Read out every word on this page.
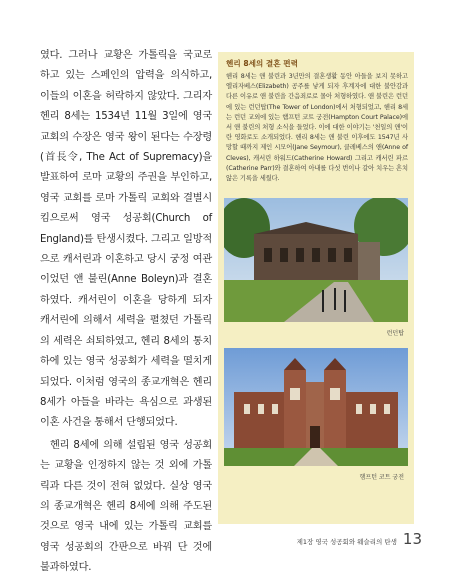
였다. 그러나 교황은 가톨릭을 국교로 하고 있는 스페인의 압력을 의식하고, 이들의 이혼을 허락하지 않았다. 그리자 헨리 8세는 1534년 11월 3일에 영국 교회의 수장은 영국 왕이 된다는 수장령(首長令, The Act of Supremacy)을 발표하여 로마 교황의 주권을 부인하고, 영국 교회를 로마 가톨릭 교회와 결별시킴으로써 영국 성공회(Church of England)를 탄생시켰다. 그리고 일방적으로 캐서린과 이혼하고 당시 궁정 여관이었던 앤 불린(Anne Boleyn)과 결혼하였다. 캐서린이 이혼을 당하게 되자 캐서린에 의해서 세력을 펼쳤던 가톨릭의 세력은 쇠퇴하였고, 헨리 8세의 통치하에 있는 영국 성공회가 세력을 떨치게 되었다. 이처럼 영국의 종교개혁은 헨리 8세가 아들을 바라는 욕심으로 과생된 이혼 사건을 통해서 단행되었다.

헨리 8세에 의해 설립된 영국 성공회는 교황을 인정하지 않는 것 외에 가톨릭과 다른 것이 전혀 없었다. 실상 영국의 종교개혁은 헨리 8세에 의해 주도된 것으로 영국 내에 있는 가톨릭 교회를 영국 성공회의 간판으로 바꿔 단 것에 불과하였다.

헨리 8세의 결혼 편력
헨리 8세는 앤 불린과 3년만의 결혼생활 동안 아들을 보지 못하고 엘리자베스(Elizabeth) 공주를 낳게 되자 후계자에 대한 불안감과 다른 이유로 앤 불린을 간음죄로로 몰아 처형하였다. 앤 불린은 런던에 있는 런던탑(The Tower of London)에서 처형되었고, 헨리 8세는 런던 교외에 있는 햄프턴 코트 궁전(Hampton Court Palace)에서 앤 불린의 처형 소식을 들었다. 이에 대한 이야기는 '천일의 앤'이란 영화로도 소개되었다. 헨리 8세는 앤 불린 이후에도 1547년 사망할 때까지 제인 시모어(Jane Seymour), 클레베스의 앤(Anne of Cleves), 캐서린 하워드(Catherine Howard) 그리고 캐서린 파르(Catherine Parr)와 결혼하여 아내를 다섯 번이나 갈아 치우는 흔치 않은 기록을 세웠다.
런던탑
햄프턴 코트 궁전
제1장 영국 성공회와 웨슬리의 탄생 13
